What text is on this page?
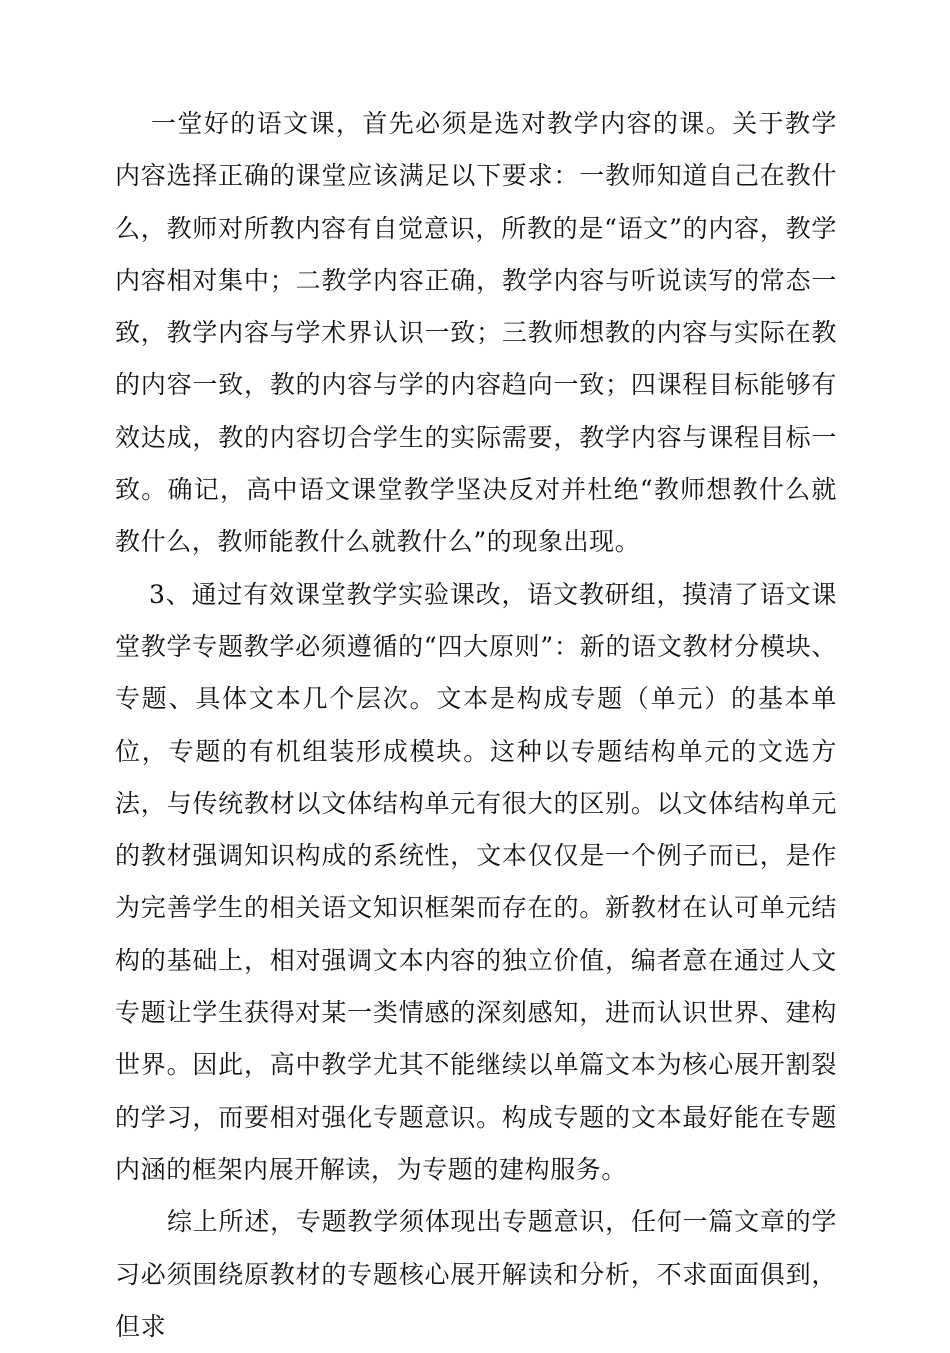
一堂好的语文课，首先必须是选对教学内容的课。关于教学内容选择正确的课堂应该满足以下要求：一教师知道自己在教什么，教师对所教内容有自觉意识，所教的是“语文”的内容，教学内容相对集中；二教学内容正确，教学内容与听说读写的常态一致，教学内容与学术界认识一致；三教师想教的内容与实际在教的内容一致，教的内容与学的内容趋向一致；四课程目标能够有效达成，教的内容切合学生的实际需要，教学内容与课程目标一致。确记，高中语文课堂教学坚决反对并杜绝“教师想教什么就教什么，教师能教什么就教什么”的现象出现。

3、通过有效课堂教学实验课改，语文教研组，摸清了语文课堂教学专题教学必须遵循的“四大原则”：新的语文教材分模块、专题、具体文本几个层次。文本是构成专题（单元）的基本单位，专题的有机组装形成模块。这种以专题结构单元的文选方法，与传统教材以文体结构单元有很大的区别。以文体结构单元的教材强调知识构成的系统性，文本仅仅是一个例子而已，是作为完善学生的相关语文知识框架而存在的。新教材在认可单元结构的基础上，相对强调文本内容的独立价值，编者意在通过人文专题让学生获得对某一类情感的深刻感知，进而认识世界、建构世界。因此，高中教学尤其不能继续以单篇文本为核心展开割裂的学习，而要相对强化专题意识。构成专题的文本最好能在专题内涵的框架内展开解读，为专题的建构服务。

综上所述，专题教学须体现出专题意识，任何一篇文章的学习必须围绕原教材的专题核心展开解读和分析，不求面面俱到，但求
